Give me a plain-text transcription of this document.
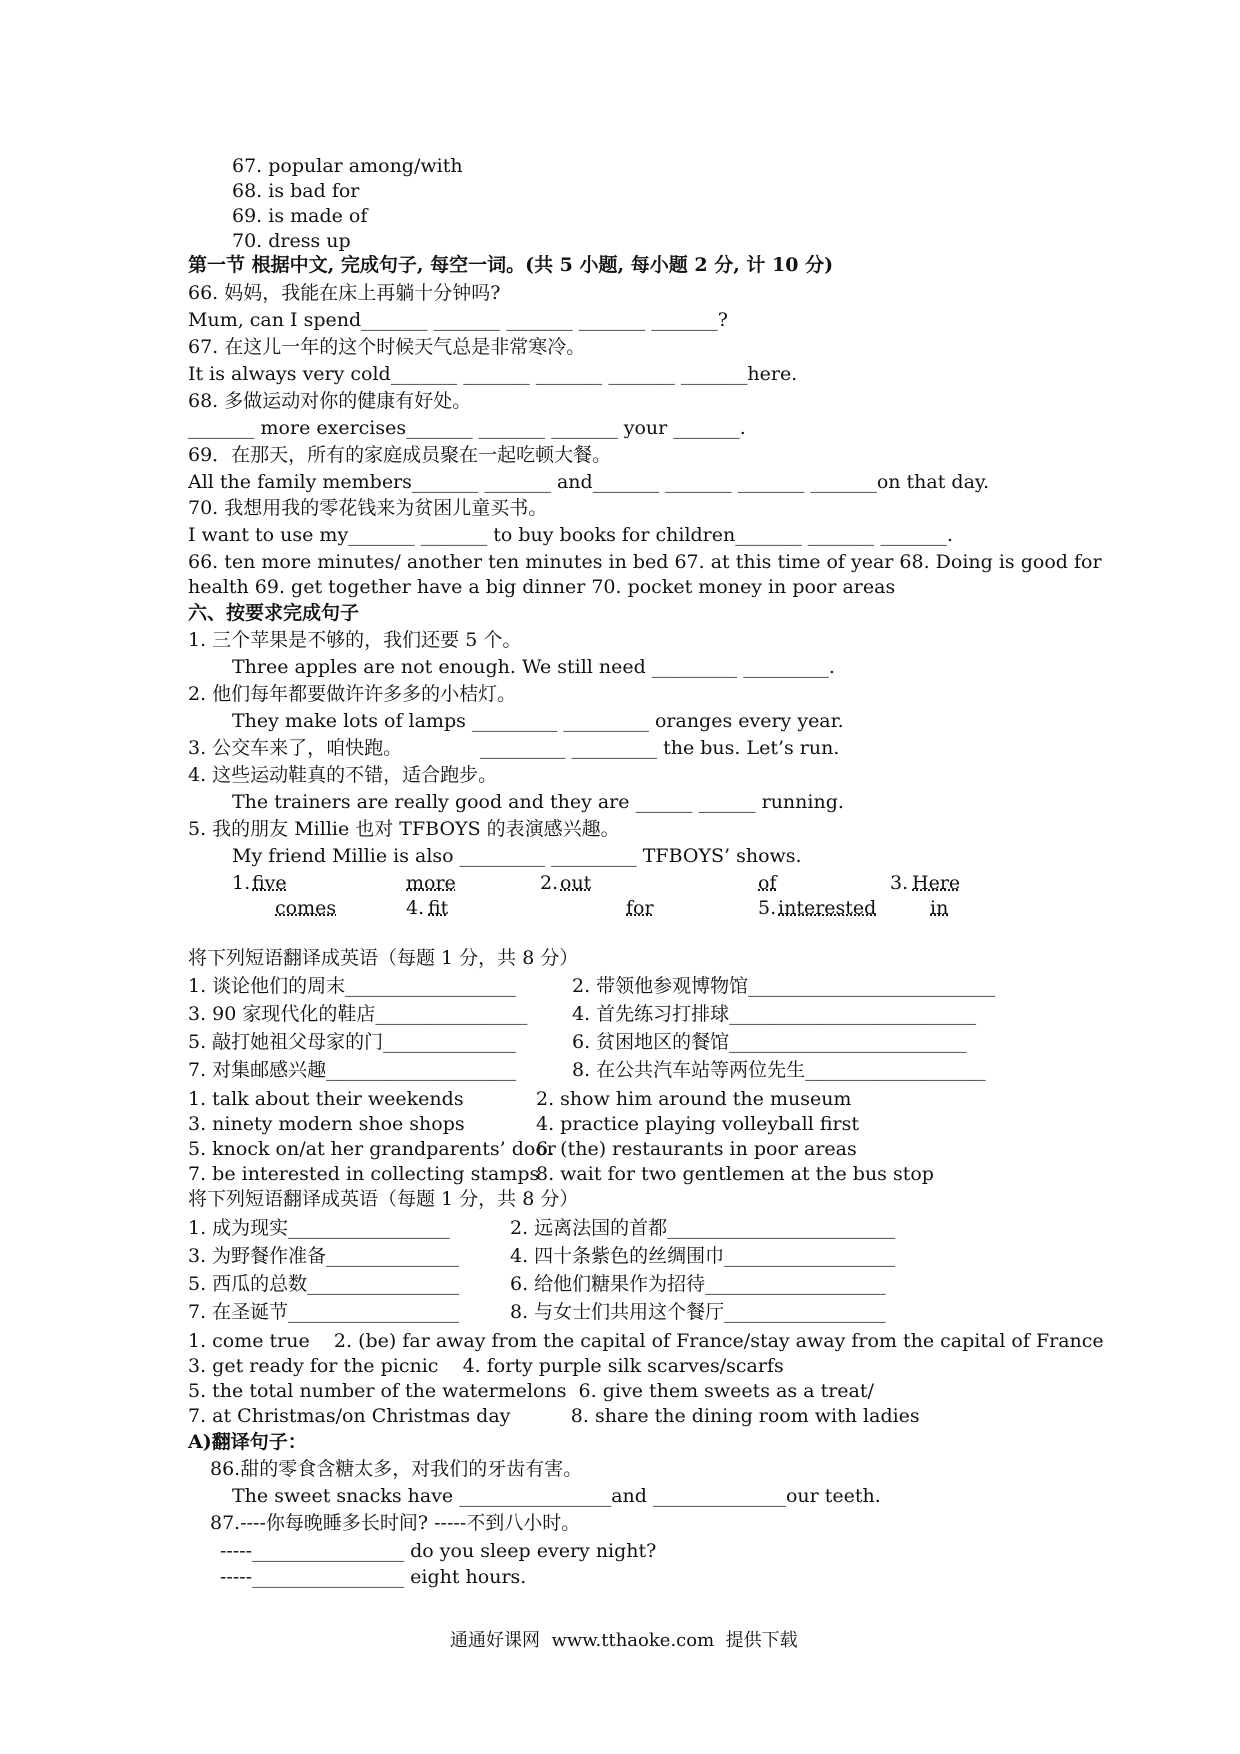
67. popular among/with
68. is bad for
69. is made of
70. dress up
第一节 根据中文, 完成句子, 每空一词。(共 5 小题, 每小题 2 分, 计 10 分)
66. 妈妈，我能在床上再躺十分钟吗?
Mum, can I spend_______ _______ _______ _______ _______?
67. 在这儿一年的这个时候天气总是非常寒冷。
It is always very cold_______ _______ _______ _______ _______here.
68. 多做运动对你的健康有好处。
_______ more exercises_______ _______ _______ your _______.
69．在那天，所有的家庭成员聚在一起吃顿大餐。
All the family members_______ _______ and_______ _______ _______ _______on that day.
70. 我想用我的零花钱来为贫困儿童买书。
I want to use my_______ _______ to buy books for children_______ _______ _______.
66. ten more minutes/ another ten minutes in bed 67. at this time of year 68. Doing is good for
health 69. get together have a big dinner 70. pocket money in poor areas
六、按要求完成句子
1. 三个苹果是不够的，我们还要 5 个。
Three apples are not enough. We still need _________ _________.
2. 他们每年都要做许许多多的小桔灯。
They make lots of lamps _________ _________ oranges every year.
3. 公交车来了，咱快跑。	_________ _________ the bus. Let’s run.
4. 这些运动鞋真的不错，适合跑步。
The trainers are really good and they are ______ ______ running.
5. 我的朋友 Millie 也对 TFBOYS 的表演感兴趣。
My friend Millie is also _________ _________ TFBOYS’ shows.
1. five	more	2. out	of	3. Here
comes	4. fit	for	5. interested	in
将下列短语翻译成英语（每题 1 分，共 8 分）
1. 谈论他们的周末__________________	2. 带领他参观博物馆__________________________
3. 90 家现代化的鞋店________________ 4. 首先练习打排球__________________________
5. 敲打她祖父母家的门______________	6. 贫困地区的餐馆_________________________
7. 对集邮感兴趣____________________	8. 在公共汽车站等两位先生___________________
1. talk about their weekends	2. show him around the museum
3. ninety modern shoe shops	4. practice playing volleyball first
5. knock on/at her grandparents’ door
6. (the) restaurants in poor areas
7. be interested in collecting stamps
8. wait for two gentlemen at the bus stop
将下列短语翻译成英语（每题 1 分，共 8 分）
1. 成为现实_________________	2. 远离法国的首都________________________
3. 为野餐作准备______________	4. 四十条紫色的丝绸围巾__________________
5. 西瓜的总数________________	6. 给他们糖果作为招待___________________
7. 在圣诞节__________________	8. 与女士们共用这个餐厅_________________
1. come true    2. (be) far away from the capital of France/stay away from the capital of France
3. get ready for the picnic    4. forty purple silk scarves/scarfs
5. the total number of the watermelons  6. give them sweets as a treat/
7. at Christmas/on Christmas day          8. share the dining room with ladies
A)翻译句子：
86.甜的零食含糖太多，对我们的牙齿有害。
The sweet snacks have ________________and ______________our teeth.
87.----你每晚睡多长时间? -----不到八小时。
-----________________ do you sleep every night?
-----________________ eight hours.
通通好课网  www.tthaoke.com  提供下载
